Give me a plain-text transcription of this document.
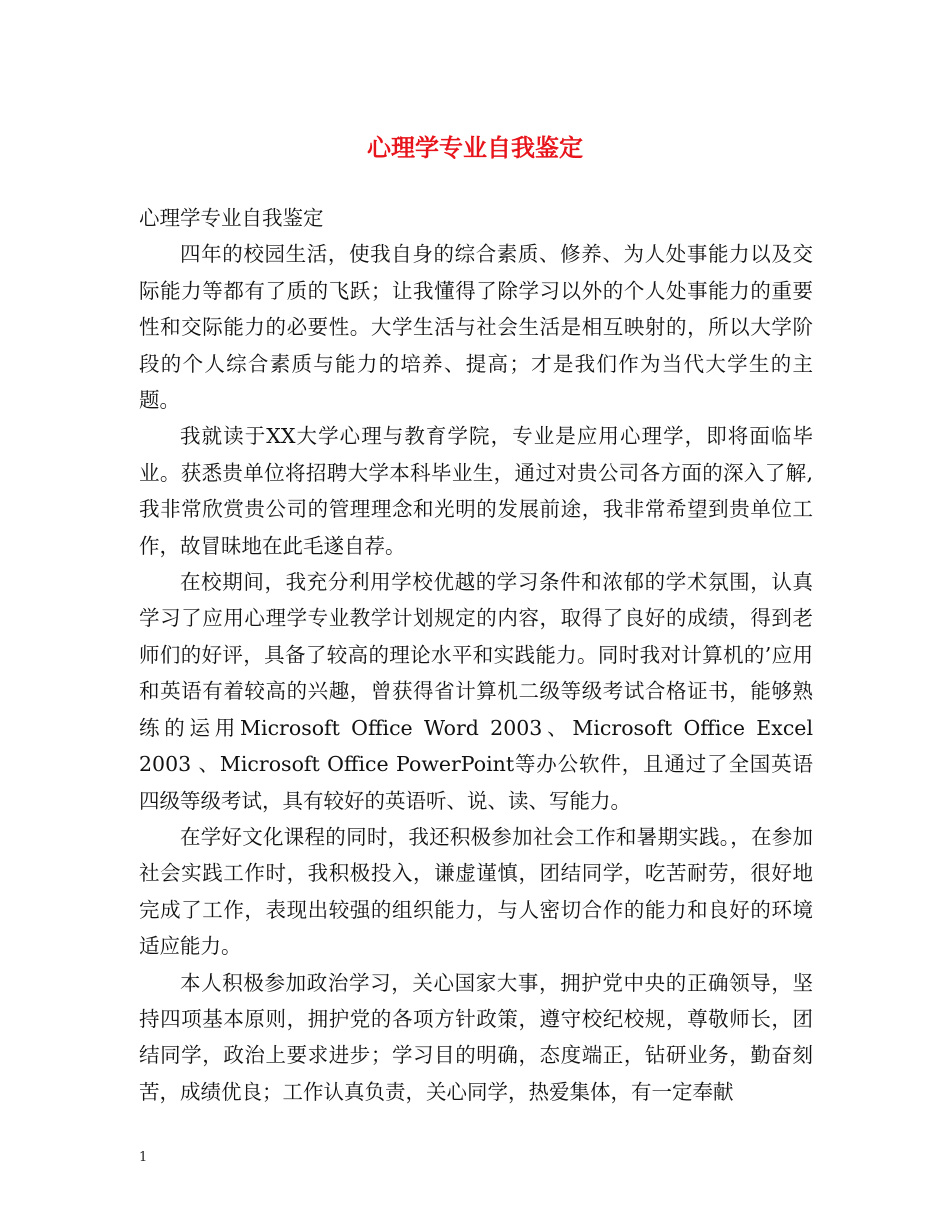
心理学专业自我鉴定

心理学专业自我鉴定

四年的校园生活，使我自身的综合素质、修养、为人处事能力以及交际能力等都有了质的飞跃；让我懂得了除学习以外的个人处事能力的重要性和交际能力的必要性。大学生活与社会生活是相互映射的，所以大学阶段的个人综合素质与能力的培养、提高；才是我们作为当代大学生的主题。

我就读于XX大学心理与教育学院，专业是应用心理学，即将面临毕业。获悉贵单位将招聘大学本科毕业生，通过对贵公司各方面的深入了解,我非常欣赏贵公司的管理理念和光明的发展前途，我非常希望到贵单位工作，故冒昧地在此毛遂自荐。

在校期间，我充分利用学校优越的学习条件和浓郁的学术氛围，认真学习了应用心理学专业教学计划规定的内容，取得了良好的成绩，得到老师们的好评，具备了较高的理论水平和实践能力。同时我对计算机的’应用和英语有着较高的兴趣，曾获得省计算机二级等级考试合格证书，能够熟练的运用Microsoft Office Word 2003、Microsoft Office Excel 2003 、Microsoft Office PowerPoint等办公软件，且通过了全国英语四级等级考试，具有较好的英语听、说、读、写能力。

在学好文化课程的同时，我还积极参加社会工作和暑期实践。，在参加社会实践工作时，我积极投入，谦虚谨慎，团结同学，吃苦耐劳，很好地完成了工作，表现出较强的组织能力，与人密切合作的能力和良好的环境适应能力。

本人积极参加政治学习，关心国家大事，拥护党中央的正确领导，坚持四项基本原则，拥护党的各项方针政策，遵守校纪校规，尊敬师长，团结同学，政治上要求进步；学习目的明确，态度端正，钻研业务，勤奋刻苦，成绩优良；工作认真负责，关心同学，热爱集体，有一定奉献

1
